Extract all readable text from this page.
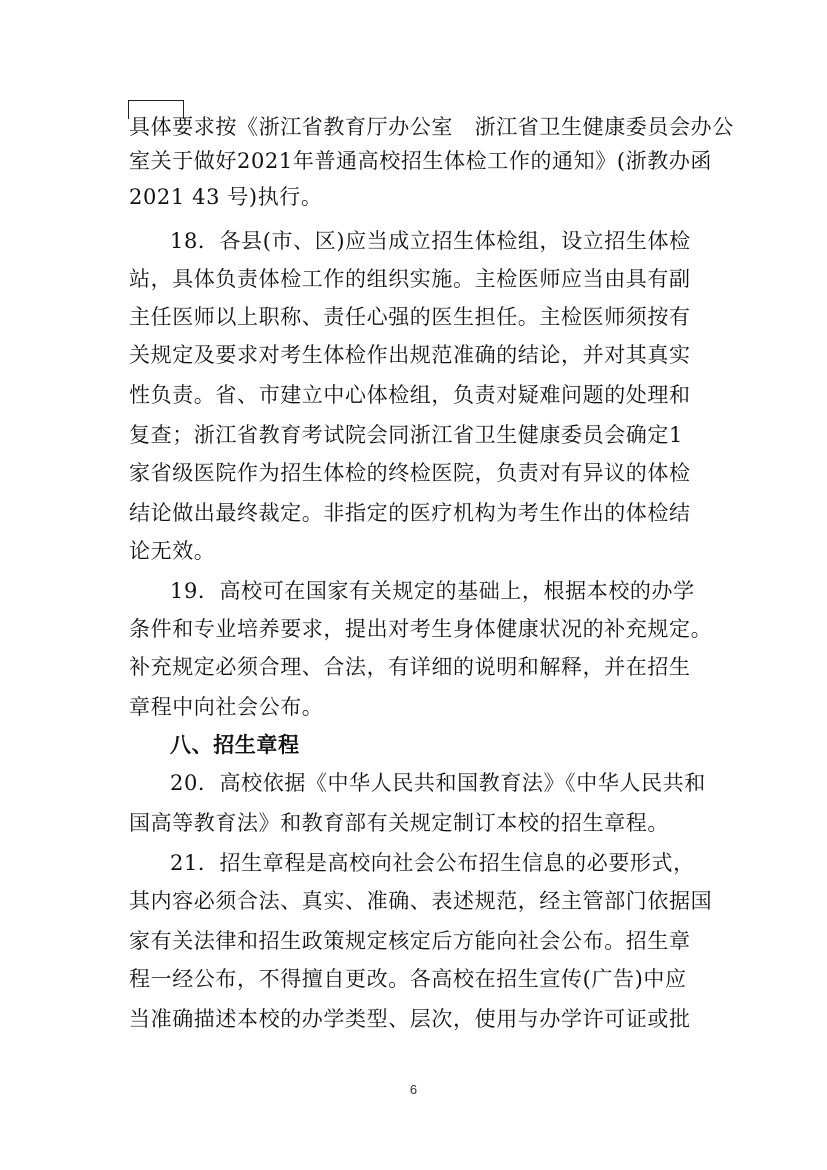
具体要求按《浙江省教育厅办公室　浙江省卫生健康委员会办公
室关于做好2021年普通高校招生体检工作的通知》(浙教办函
2021 43 号)执行。
18．各县(市、区)应当成立招生体检组，设立招生体检
站，具体负责体检工作的组织实施。主检医师应当由具有副
主任医师以上职称、责任心强的医生担任。主检医师须按有
关规定及要求对考生体检作出规范准确的结论，并对其真实
性负责。省、市建立中心体检组，负责对疑难问题的处理和
复查；浙江省教育考试院会同浙江省卫生健康委员会确定1
家省级医院作为招生体检的终检医院，负责对有异议的体检
结论做出最终裁定。非指定的医疗机构为考生作出的体检结
论无效。
19．高校可在国家有关规定的基础上，根据本校的办学
条件和专业培养要求，提出对考生身体健康状况的补充规定。
补充规定必须合理、合法，有详细的说明和解释，并在招生
章程中向社会公布。
八、招生章程
20．高校依据《中华人民共和国教育法》《中华人民共和
国高等教育法》和教育部有关规定制订本校的招生章程。
21．招生章程是高校向社会公布招生信息的必要形式，
其内容必须合法、真实、准确、表述规范，经主管部门依据国
家有关法律和招生政策规定核定后方能向社会公布。招生章
程一经公布，不得擅自更改。各高校在招生宣传(广告)中应
当准确描述本校的办学类型、层次，使用与办学许可证或批
6
